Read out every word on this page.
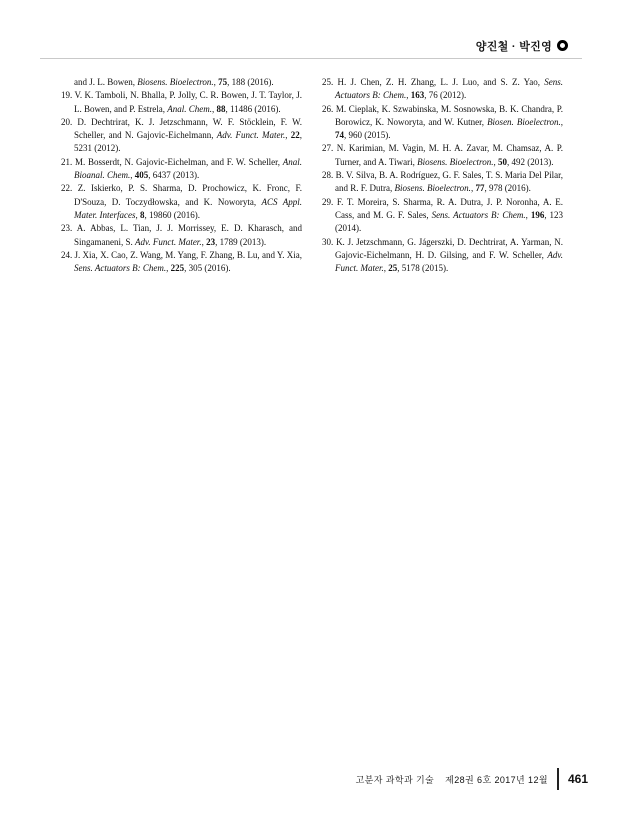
양진철 · 박진영

and J. L. Bowen, Biosens. Bioelectron., 75, 188 (2016).

19. V. K. Tamboli, N. Bhalla, P. Jolly, C. R. Bowen, J. T. Taylor, J. L. Bowen, and P. Estrela, Anal. Chem., 88, 11486 (2016).

20. D. Dechtrirat, K. J. Jetzschmann, W. F. Stöcklein, F. W. Scheller, and N. Gajovic-Eichelmann, Adv. Funct. Mater., 22, 5231 (2012).

21. M. Bosserdt, N. Gajovic-Eichelman, and F. W. Scheller, Anal. Bioanal. Chem., 405, 6437 (2013).

22. Z. Iskierko, P. S. Sharma, D. Prochowicz, K. Fronc, F. D'Souza, D. Toczydłowska, and K. Noworyta, ACS Appl. Mater. Interfaces, 8, 19860 (2016).

23. A. Abbas, L. Tian, J. J. Morrissey, E. D. Kharasch, and Singamaneni, S. Adv. Funct. Mater., 23, 1789 (2013).

24. J. Xia, X. Cao, Z. Wang, M. Yang, F. Zhang, B. Lu, and Y. Xia, Sens. Actuators B: Chem., 225, 305 (2016).

25. H. J. Chen, Z. H. Zhang, L. J. Luo, and S. Z. Yao, Sens. Actuators B: Chem., 163, 76 (2012).

26. M. Cieplak, K. Szwabinska, M. Sosnowska, B. K. Chandra, P. Borowicz, K. Noworyta, and W. Kutner, Biosen. Bioelectron., 74, 960 (2015).

27. N. Karimian, M. Vagin, M. H. A. Zavar, M. Chamsaz, A. P. Turner, and A. Tiwari, Biosens. Bioelectron., 50, 492 (2013).

28. B. V. Silva, B. A. Rodríguez, G. F. Sales, T. S. Maria Del Pilar, and R. F. Dutra, Biosens. Bioelectron., 77, 978 (2016).

29. F. T. Moreira, S. Sharma, R. A. Dutra, J. P. Noronha, A. E. Cass, and M. G. F. Sales, Sens. Actuators B: Chem., 196, 123 (2014).

30. K. J. Jetzschmann, G. Jágerszki, D. Dechtrirat, A. Yarman, N. Gajovic-Eichelmann, H. D. Gilsing, and F. W. Scheller, Adv. Funct. Mater., 25, 5178 (2015).

고분자 과학과 기술 제28권 6호 2017년 12월 461
